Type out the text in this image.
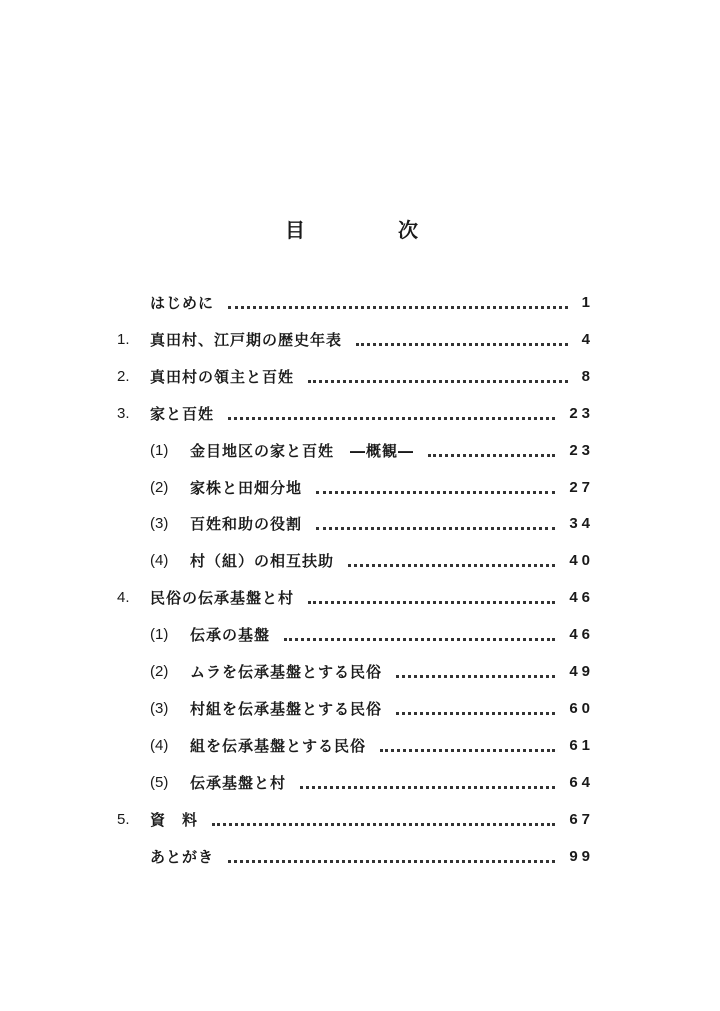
目	次
はじめに	1
1. 真田村、江戸期の歴史年表	4
2. 真田村の領主と百姓	8
3. 家と百姓	23
(1) 金目地区の家と百姓　―概観―	23
(2) 家株と田畑分地	27
(3) 百姓和助の役割	34
(4) 村（組）の相互扶助	40
4. 民俗の伝承基盤と村	46
(1) 伝承の基盤	46
(2) ムラを伝承基盤とする民俗	49
(3) 村組を伝承基盤とする民俗	60
(4) 組を伝承基盤とする民俗	61
(5) 伝承基盤と村	64
5. 資　料	67
あとがき	99
